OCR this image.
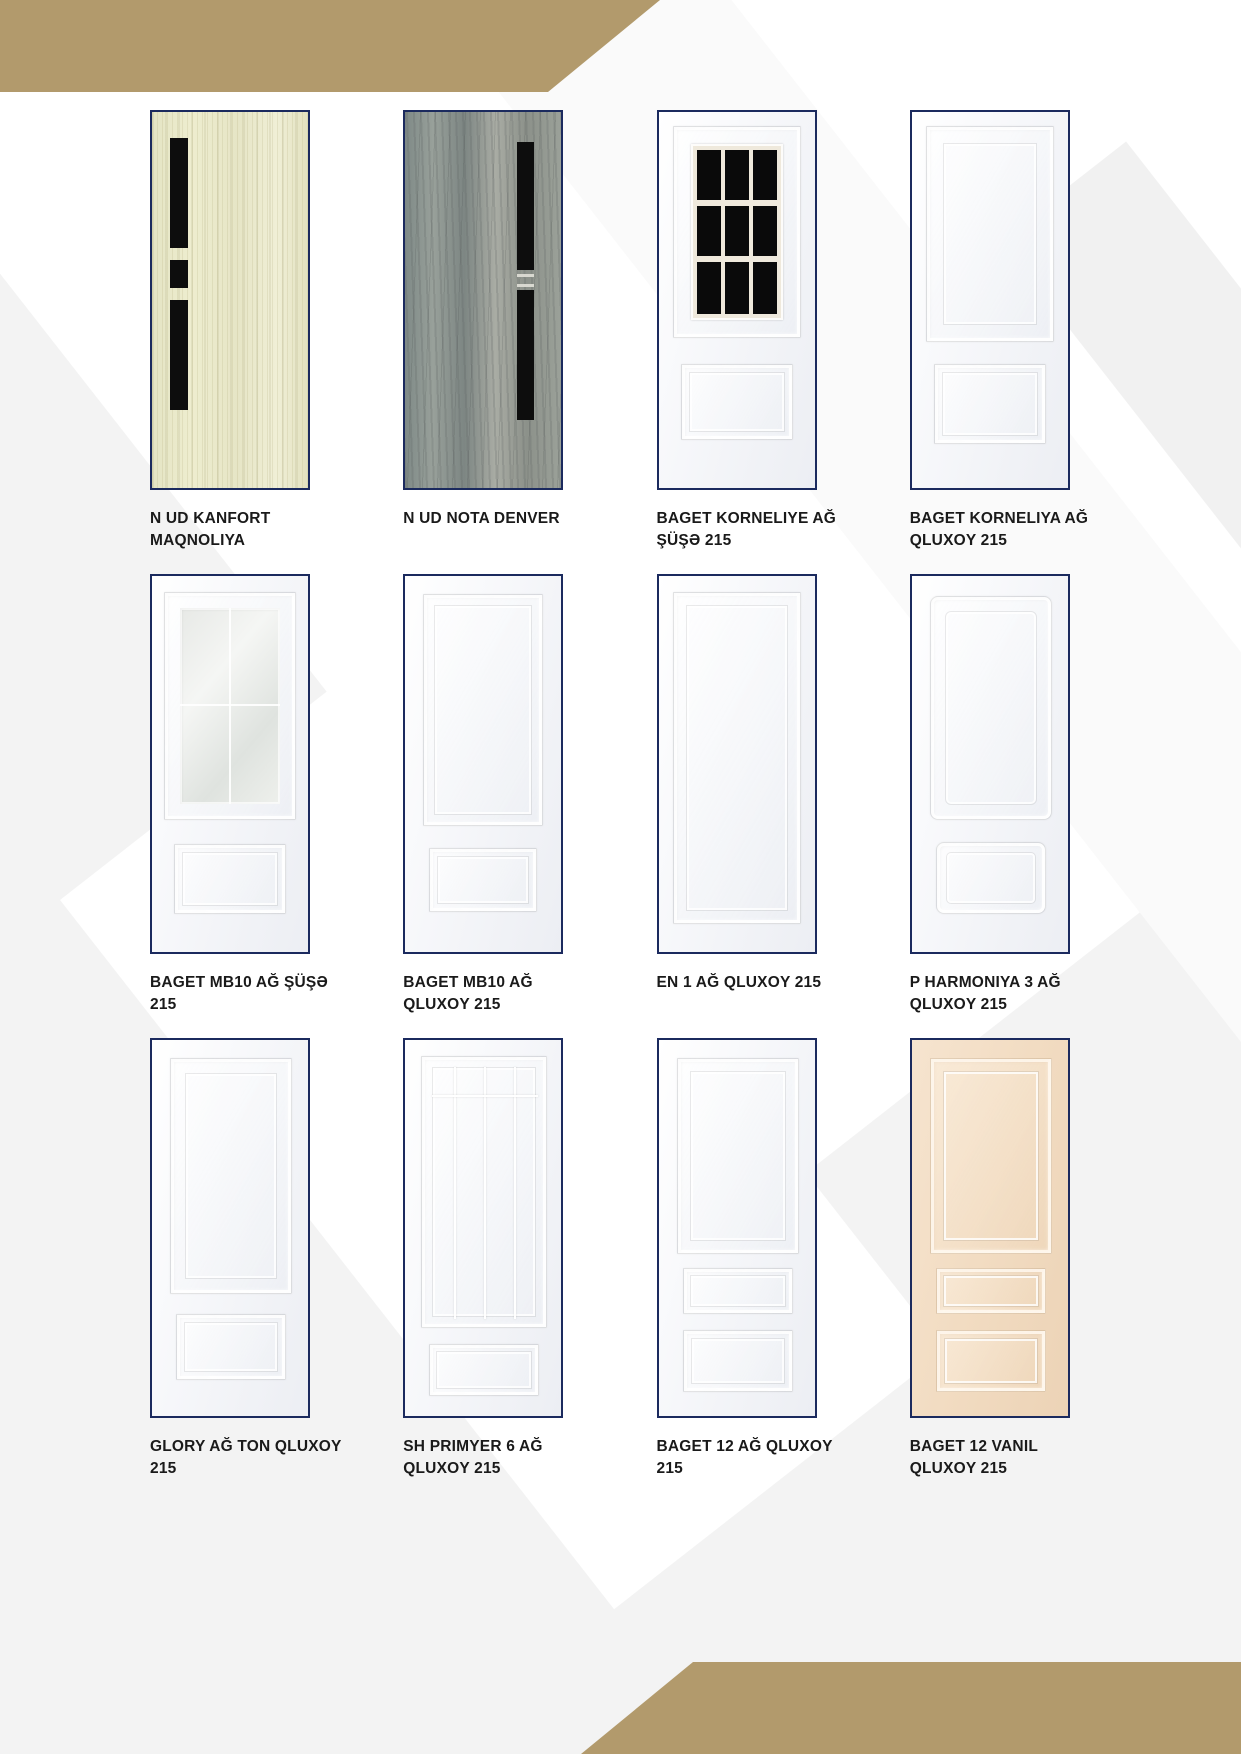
N UD KANFORT MAQNOLIYA
N UD NOTA DENVER	BAGET KORNELIYE AĞ ŞÜŞƏ 215
BAGET KORNELIYA AĞ QLUXOY 215
BAGET MB10 AĞ ŞÜŞƏ 215
BAGET MB10 AĞ QLUXOY 215
EN 1 AĞ QLUXOY 215	P HARMONIYA 3 AĞ QLUXOY 215
GLORY AĞ TON QLUXOY 215
SH PRIMYER 6 AĞ QLUXOY 215
BAGET 12 AĞ QLUXOY 215
BAGET 12 VANIL QLUXOY 215
